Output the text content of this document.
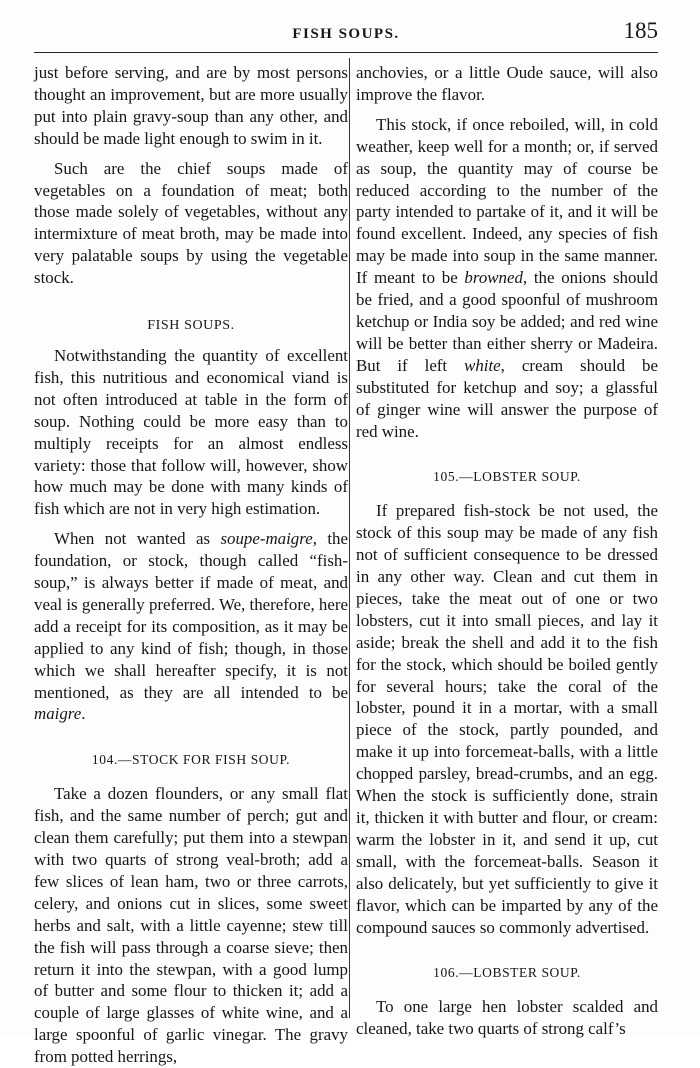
FISH SOUPS.	185

just before serving, and are by most persons thought an improvement, but are more usually put into plain gravy-soup than any other, and should be made light enough to swim in it.

Such are the chief soups made of vegetables on a foundation of meat; both those made solely of vegetables, without any intermixture of meat broth, may be made into very palatable soups by using the vegetable stock.

FISH SOUPS.

Notwithstanding the quantity of excellent fish, this nutritious and economical viand is not often introduced at table in the form of soup. Nothing could be more easy than to multiply receipts for an almost endless variety: those that follow will, however, show how much may be done with many kinds of fish which are not in very high estimation.

When not wanted as soupe-maigre, the foundation, or stock, though called “fish-soup,” is always better if made of meat, and veal is generally preferred. We, therefore, here add a receipt for its composition, as it may be applied to any kind of fish; though, in those which we shall hereafter specify, it is not mentioned, as they are all intended to be maigre.

104.—STOCK FOR FISH SOUP.

Take a dozen flounders, or any small flat fish, and the same number of perch; gut and clean them carefully; put them into a stewpan with two quarts of strong veal-broth; add a few slices of lean ham, two or three carrots, celery, and onions cut in slices, some sweet herbs and salt, with a little cayenne; stew till the fish will pass through a coarse sieve; then return it into the stewpan, with a good lump of butter and some flour to thicken it; add a couple of large glasses of white wine, and a large spoonful of garlic vinegar. The gravy from potted herrings,

anchovies, or a little Oude sauce, will also improve the flavor.

This stock, if once reboiled, will, in cold weather, keep well for a month; or, if served as soup, the quantity may of course be reduced according to the number of the party intended to partake of it, and it will be found excellent. Indeed, any species of fish may be made into soup in the same manner. If meant to be browned, the onions should be fried, and a good spoonful of mushroom ketchup or India soy be added; and red wine will be better than either sherry or Madeira. But if left white, cream should be substituted for ketchup and soy; a glassful of ginger wine will answer the purpose of red wine.

105.—LOBSTER SOUP.

If prepared fish-stock be not used, the stock of this soup may be made of any fish not of sufficient consequence to be dressed in any other way. Clean and cut them in pieces, take the meat out of one or two lobsters, cut it into small pieces, and lay it aside; break the shell and add it to the fish for the stock, which should be boiled gently for several hours; take the coral of the lobster, pound it in a mortar, with a small piece of the stock, partly pounded, and make it up into forcemeat-balls, with a little chopped parsley, bread-crumbs, and an egg. When the stock is sufficiently done, strain it, thicken it with butter and flour, or cream: warm the lobster in it, and send it up, cut small, with the forcemeat-balls. Season it also delicately, but yet sufficiently to give it flavor, which can be imparted by any of the compound sauces so commonly advertised.

106.—LOBSTER SOUP.

To one large hen lobster scalded and cleaned, take two quarts of strong calf’s
